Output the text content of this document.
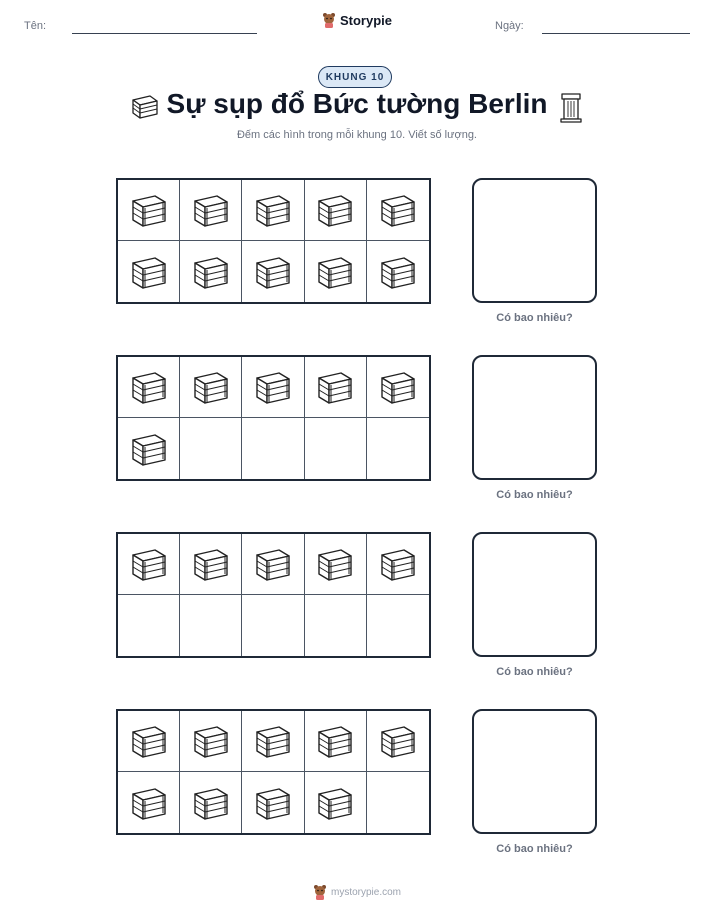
Tên:	Storypie	Ngày:
KHUNG 10
Sự sụp đổ Bức tường Berlin
Đếm các hình trong mỗi khung 10. Viết số lượng.
Có bao nhiêu?
Có bao nhiêu?
Có bao nhiêu?
Có bao nhiêu?
mystorypie.com
